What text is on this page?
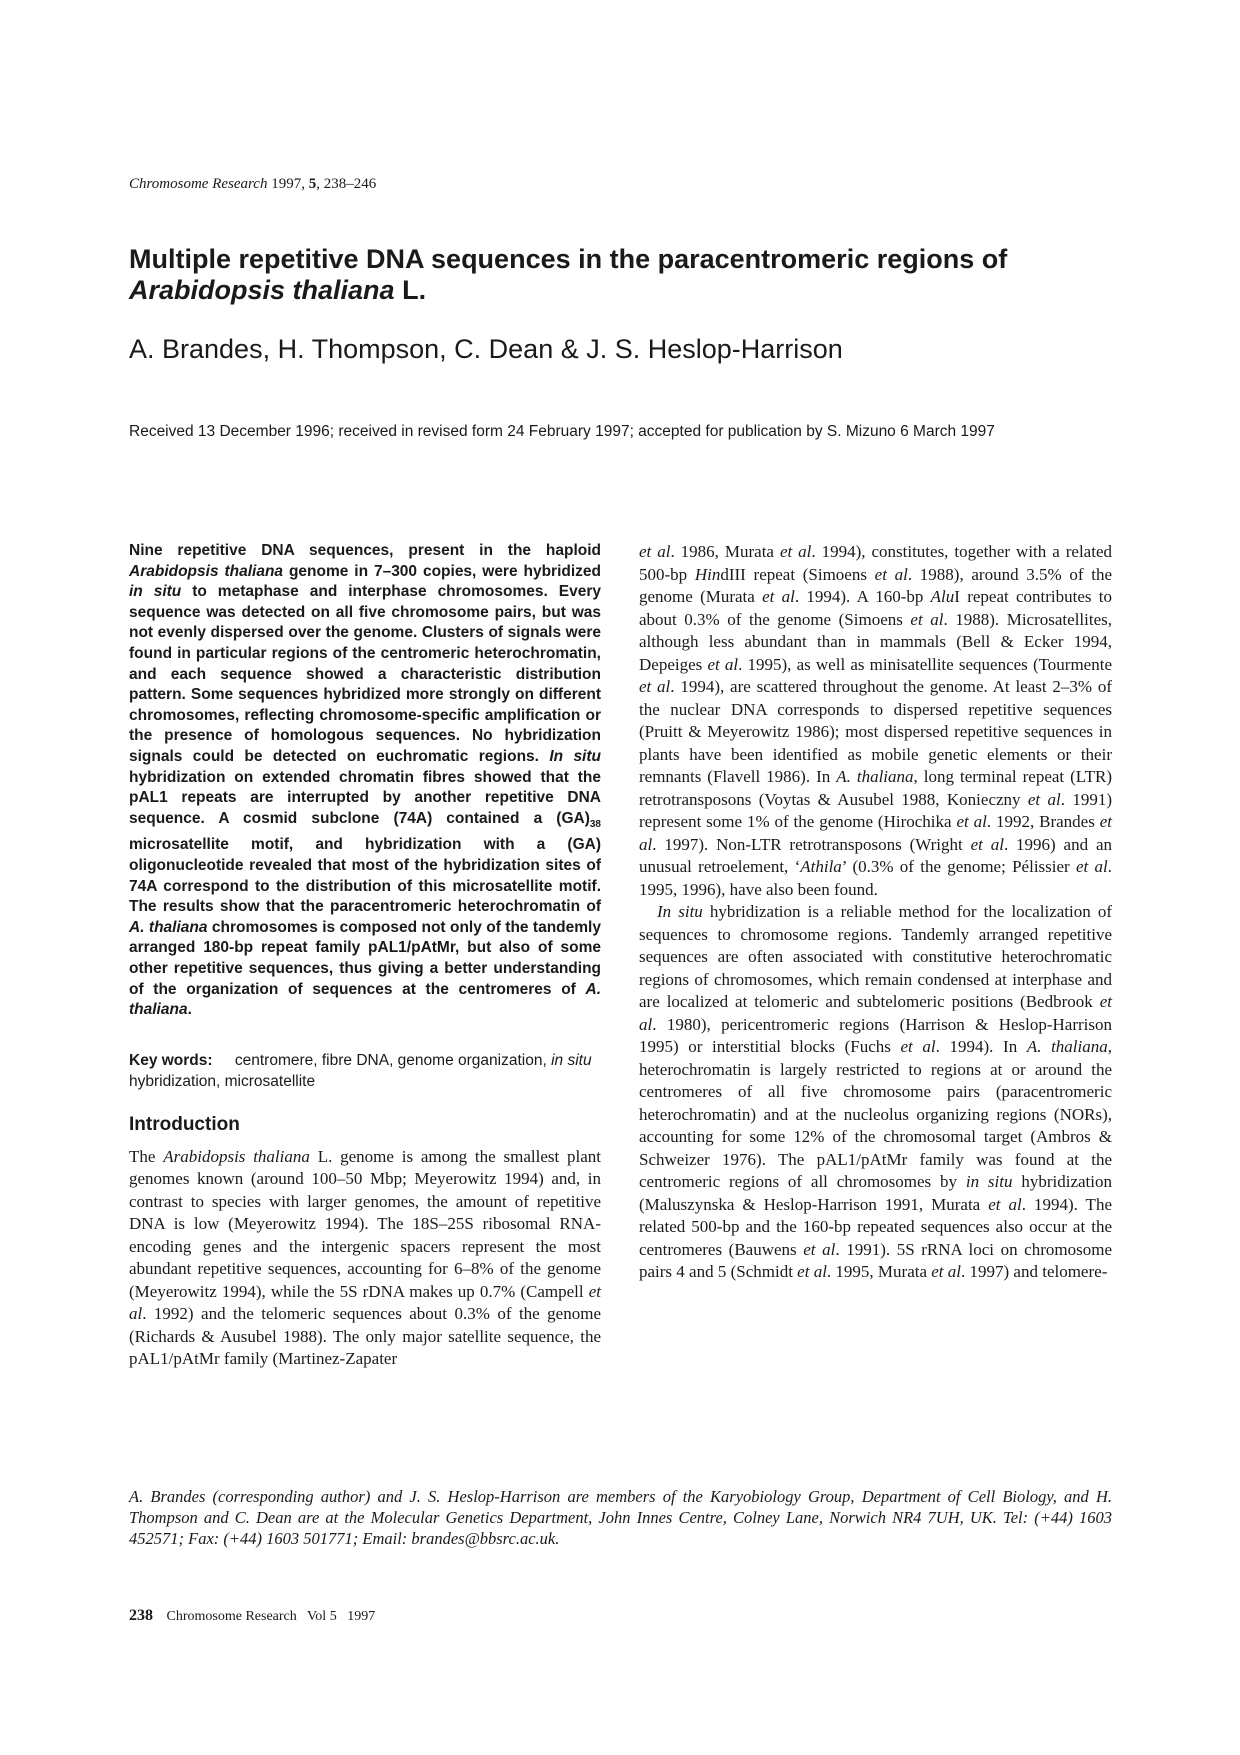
Chromosome Research 1997, 5, 238–246
Multiple repetitive DNA sequences in the paracentromeric regions of
Arabidopsis thaliana L.
A. Brandes, H. Thompson, C. Dean & J. S. Heslop-Harrison
Received 13 December 1996; received in revised form 24 February 1997; accepted for publication by S. Mizuno 6 March 1997

Nine repetitive DNA sequences, present in the haploid Arabidopsis thaliana genome in 7–300 copies, were hybridized in situ to metaphase and interphase chromosomes. Every sequence was detected on all five chromosome pairs, but was not evenly dispersed over the genome. Clusters of signals were found in particular regions of the centromeric heterochromatin, and each sequence showed a characteristic distribution pattern. Some sequences hybridized more strongly on different chromosomes, reflecting chromosome-specific amplification or the presence of homologous sequences. No hybridization signals could be detected on euchromatic regions. In situ hybridization on extended chromatin fibres showed that the pAL1 repeats are interrupted by another repetitive DNA sequence. A cosmid subclone (74A) contained a $(GA)_{38}$ microsatellite motif, and hybridization with a (GA) oligonucleotide revealed that most of the hybridization sites of 74A correspond to the distribution of this microsatellite motif. The results show that the paracentromeric heterochromatin of A. thaliana chromosomes is composed not only of the tandemly arranged 180-bp repeat family pAL1/pAtMr, but also of some other repetitive sequences, thus giving a better understanding of the organization of sequences at the centromeres of A. thaliana.

Key words: centromere, fibre DNA, genome organization, in situ hybridization, microsatellite
Introduction

The Arabidopsis thaliana L. genome is among the smallest plant genomes known (around 100–50 Mbp; Meyerowitz 1994) and, in contrast to species with larger genomes, the amount of repetitive DNA is low (Meyerowitz 1994). The 18S–25S ribosomal RNA-encoding genes and the intergenic spacers represent the most abundant repetitive sequences, accounting for 6–8% of the genome (Meyerowitz 1994), while the 5S rDNA makes up 0.7% (Campell et al. 1992) and the telomeric sequences about 0.3% of the genome (Richards & Ausubel 1988). The only major satellite sequence, the pAL1/pAtMr family (Martinez-Zapater

et al. 1986, Murata et al. 1994), constitutes, together with a related 500-bp HindIII repeat (Simoens et al. 1988), around 3.5% of the genome (Murata et al. 1994). A 160-bp AluI repeat contributes to about 0.3% of the genome (Simoens et al. 1988). Microsatellites, although less abundant than in mammals (Bell & Ecker 1994, Depeiges et al. 1995), as well as minisatellite sequences (Tourmente et al. 1994), are scattered throughout the genome. At least 2–3% of the nuclear DNA corresponds to dispersed repetitive sequences (Pruitt & Meyerowitz 1986); most dispersed repetitive sequences in plants have been identified as mobile genetic elements or their remnants (Flavell 1986). In A. thaliana, long terminal repeat (LTR) retrotransposons (Voytas & Ausubel 1988, Konieczny et al. 1991) represent some 1% of the genome (Hirochika et al. 1992, Brandes et al. 1997). Non-LTR retrotransposons (Wright et al. 1996) and an unusual retroelement, ‘Athila’ (0.3% of the genome; Pélissier et al. 1995, 1996), have also been found.

In situ hybridization is a reliable method for the localization of sequences to chromosome regions. Tandemly arranged repetitive sequences are often associated with constitutive heterochromatic regions of chromosomes, which remain condensed at interphase and are localized at telomeric and subtelomeric positions (Bedbrook et al. 1980), pericentromeric regions (Harrison & Heslop-Harrison 1995) or interstitial blocks (Fuchs et al. 1994). In A. thaliana, heterochromatin is largely restricted to regions at or around the centromeres of all five chromosome pairs (paracentromeric heterochromatin) and at the nucleolus organizing regions (NORs), accounting for some 12% of the chromosomal target (Ambros & Schweizer 1976). The pAL1/pAtMr family was found at the centromeric regions of all chromosomes by in situ hybridization (Maluszynska & Heslop-Harrison 1991, Murata et al. 1994). The related 500-bp and the 160-bp repeated sequences also occur at the centromeres (Bauwens et al. 1991). 5S rRNA loci on chromosome pairs 4 and 5 (Schmidt et al. 1995, Murata et al. 1997) and telomere-

A. Brandes (corresponding author) and J. S. Heslop-Harrison are members of the Karyobiology Group, Department of Cell Biology, and H. Thompson and C. Dean are at the Molecular Genetics Department, John Innes Centre, Colney Lane, Norwich NR4 7UH, UK. Tel: (+44) 1603 452571; Fax: (+44) 1603 501771; Email: brandes@bbsrc.ac.uk.

238 Chromosome Research   Vol 5   1997
